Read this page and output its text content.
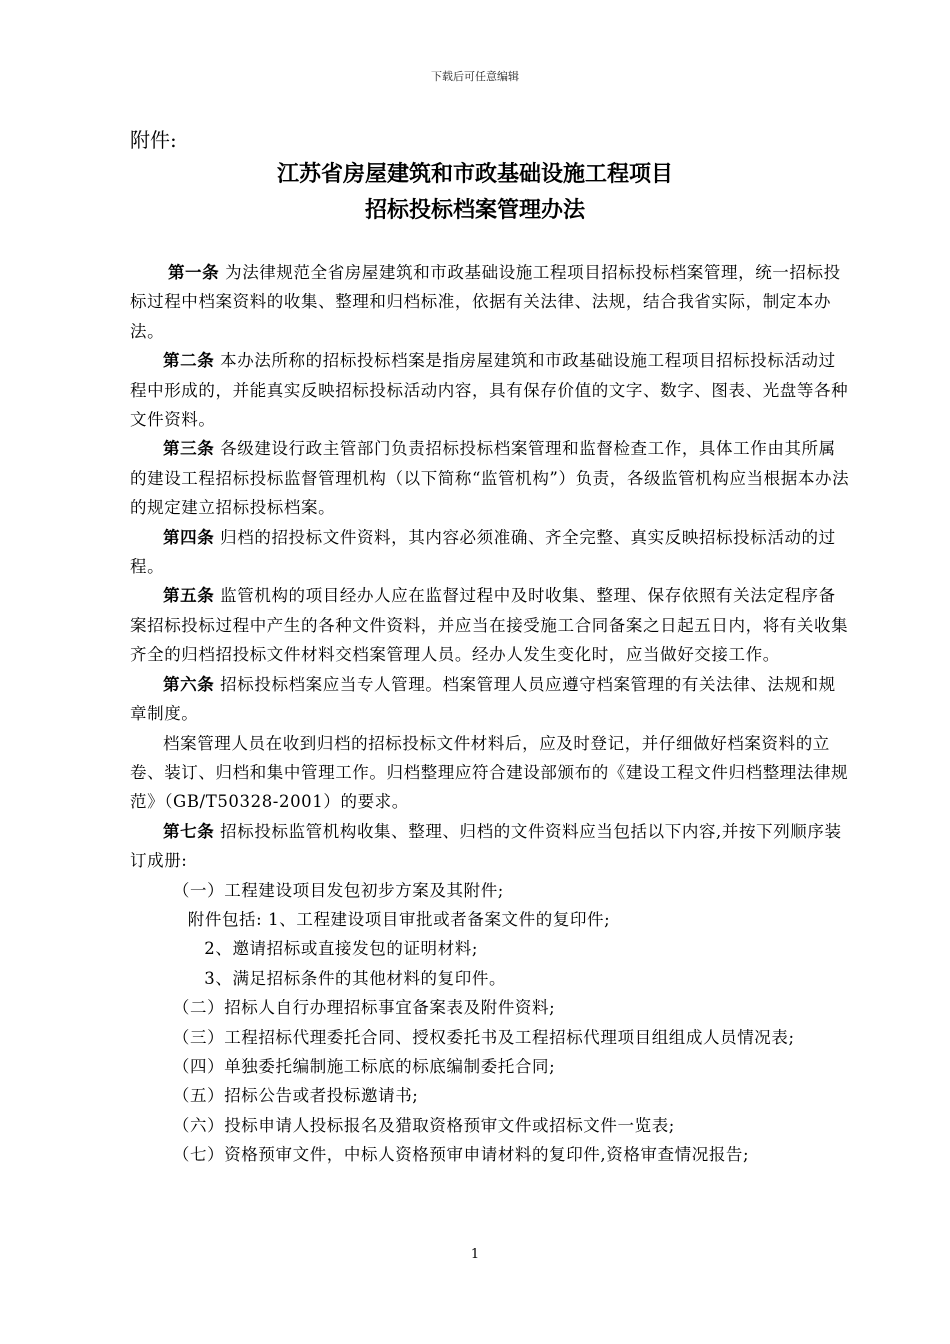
下载后可任意编辑
附件:
江苏省房屋建筑和市政基础设施工程项目
招标投标档案管理办法

第一条 为法律规范全省房屋建筑和市政基础设施工程项目招标投标档案管理，统一招标投标过程中档案资料的收集、整理和归档标准，依据有关法律、法规，结合我省实际，制定本办法。

第二条 本办法所称的招标投标档案是指房屋建筑和市政基础设施工程项目招标投标活动过程中形成的，并能真实反映招标投标活动内容，具有保存价值的文字、数字、图表、光盘等各种文件资料。

第三条 各级建设行政主管部门负责招标投标档案管理和监督检查工作，具体工作由其所属的建设工程招标投标监督管理机构（以下简称“监管机构”）负责，各级监管机构应当根据本办法的规定建立招标投标档案。

第四条 归档的招投标文件资料，其内容必须准确、齐全完整、真实反映招标投标活动的过程。

第五条 监管机构的项目经办人应在监督过程中及时收集、整理、保存依照有关法定程序备案招标投标过程中产生的各种文件资料，并应当在接受施工合同备案之日起五日内，将有关收集齐全的归档招投标文件材料交档案管理人员。经办人发生变化时，应当做好交接工作。

第六条 招标投标档案应当专人管理。档案管理人员应遵守档案管理的有关法律、法规和规章制度。

档案管理人员在收到归档的招标投标文件材料后，应及时登记，并仔细做好档案资料的立卷、装订、归档和集中管理工作。归档整理应符合建设部颁布的《建设工程文件归档整理法律规范》（GB/T50328-2001）的要求。

第七条 招标投标监管机构收集、整理、归档的文件资料应当包括以下内容,并按下列顺序装订成册:

（一）工程建设项目发包初步方案及其附件;

附件包括: 1、工程建设项目审批或者备案文件的复印件;

2、邀请招标或直接发包的证明材料;

3、满足招标条件的其他材料的复印件。

（二）招标人自行办理招标事宜备案表及附件资料;

（三）工程招标代理委托合同、授权委托书及工程招标代理项目组组成人员情况表;

（四）单独委托编制施工标底的标底编制委托合同;

（五）招标公告或者投标邀请书;

（六）投标申请人投标报名及猎取资格预审文件或招标文件一览表;

（七）资格预审文件，中标人资格预审申请材料的复印件,资格审查情况报告;

1
